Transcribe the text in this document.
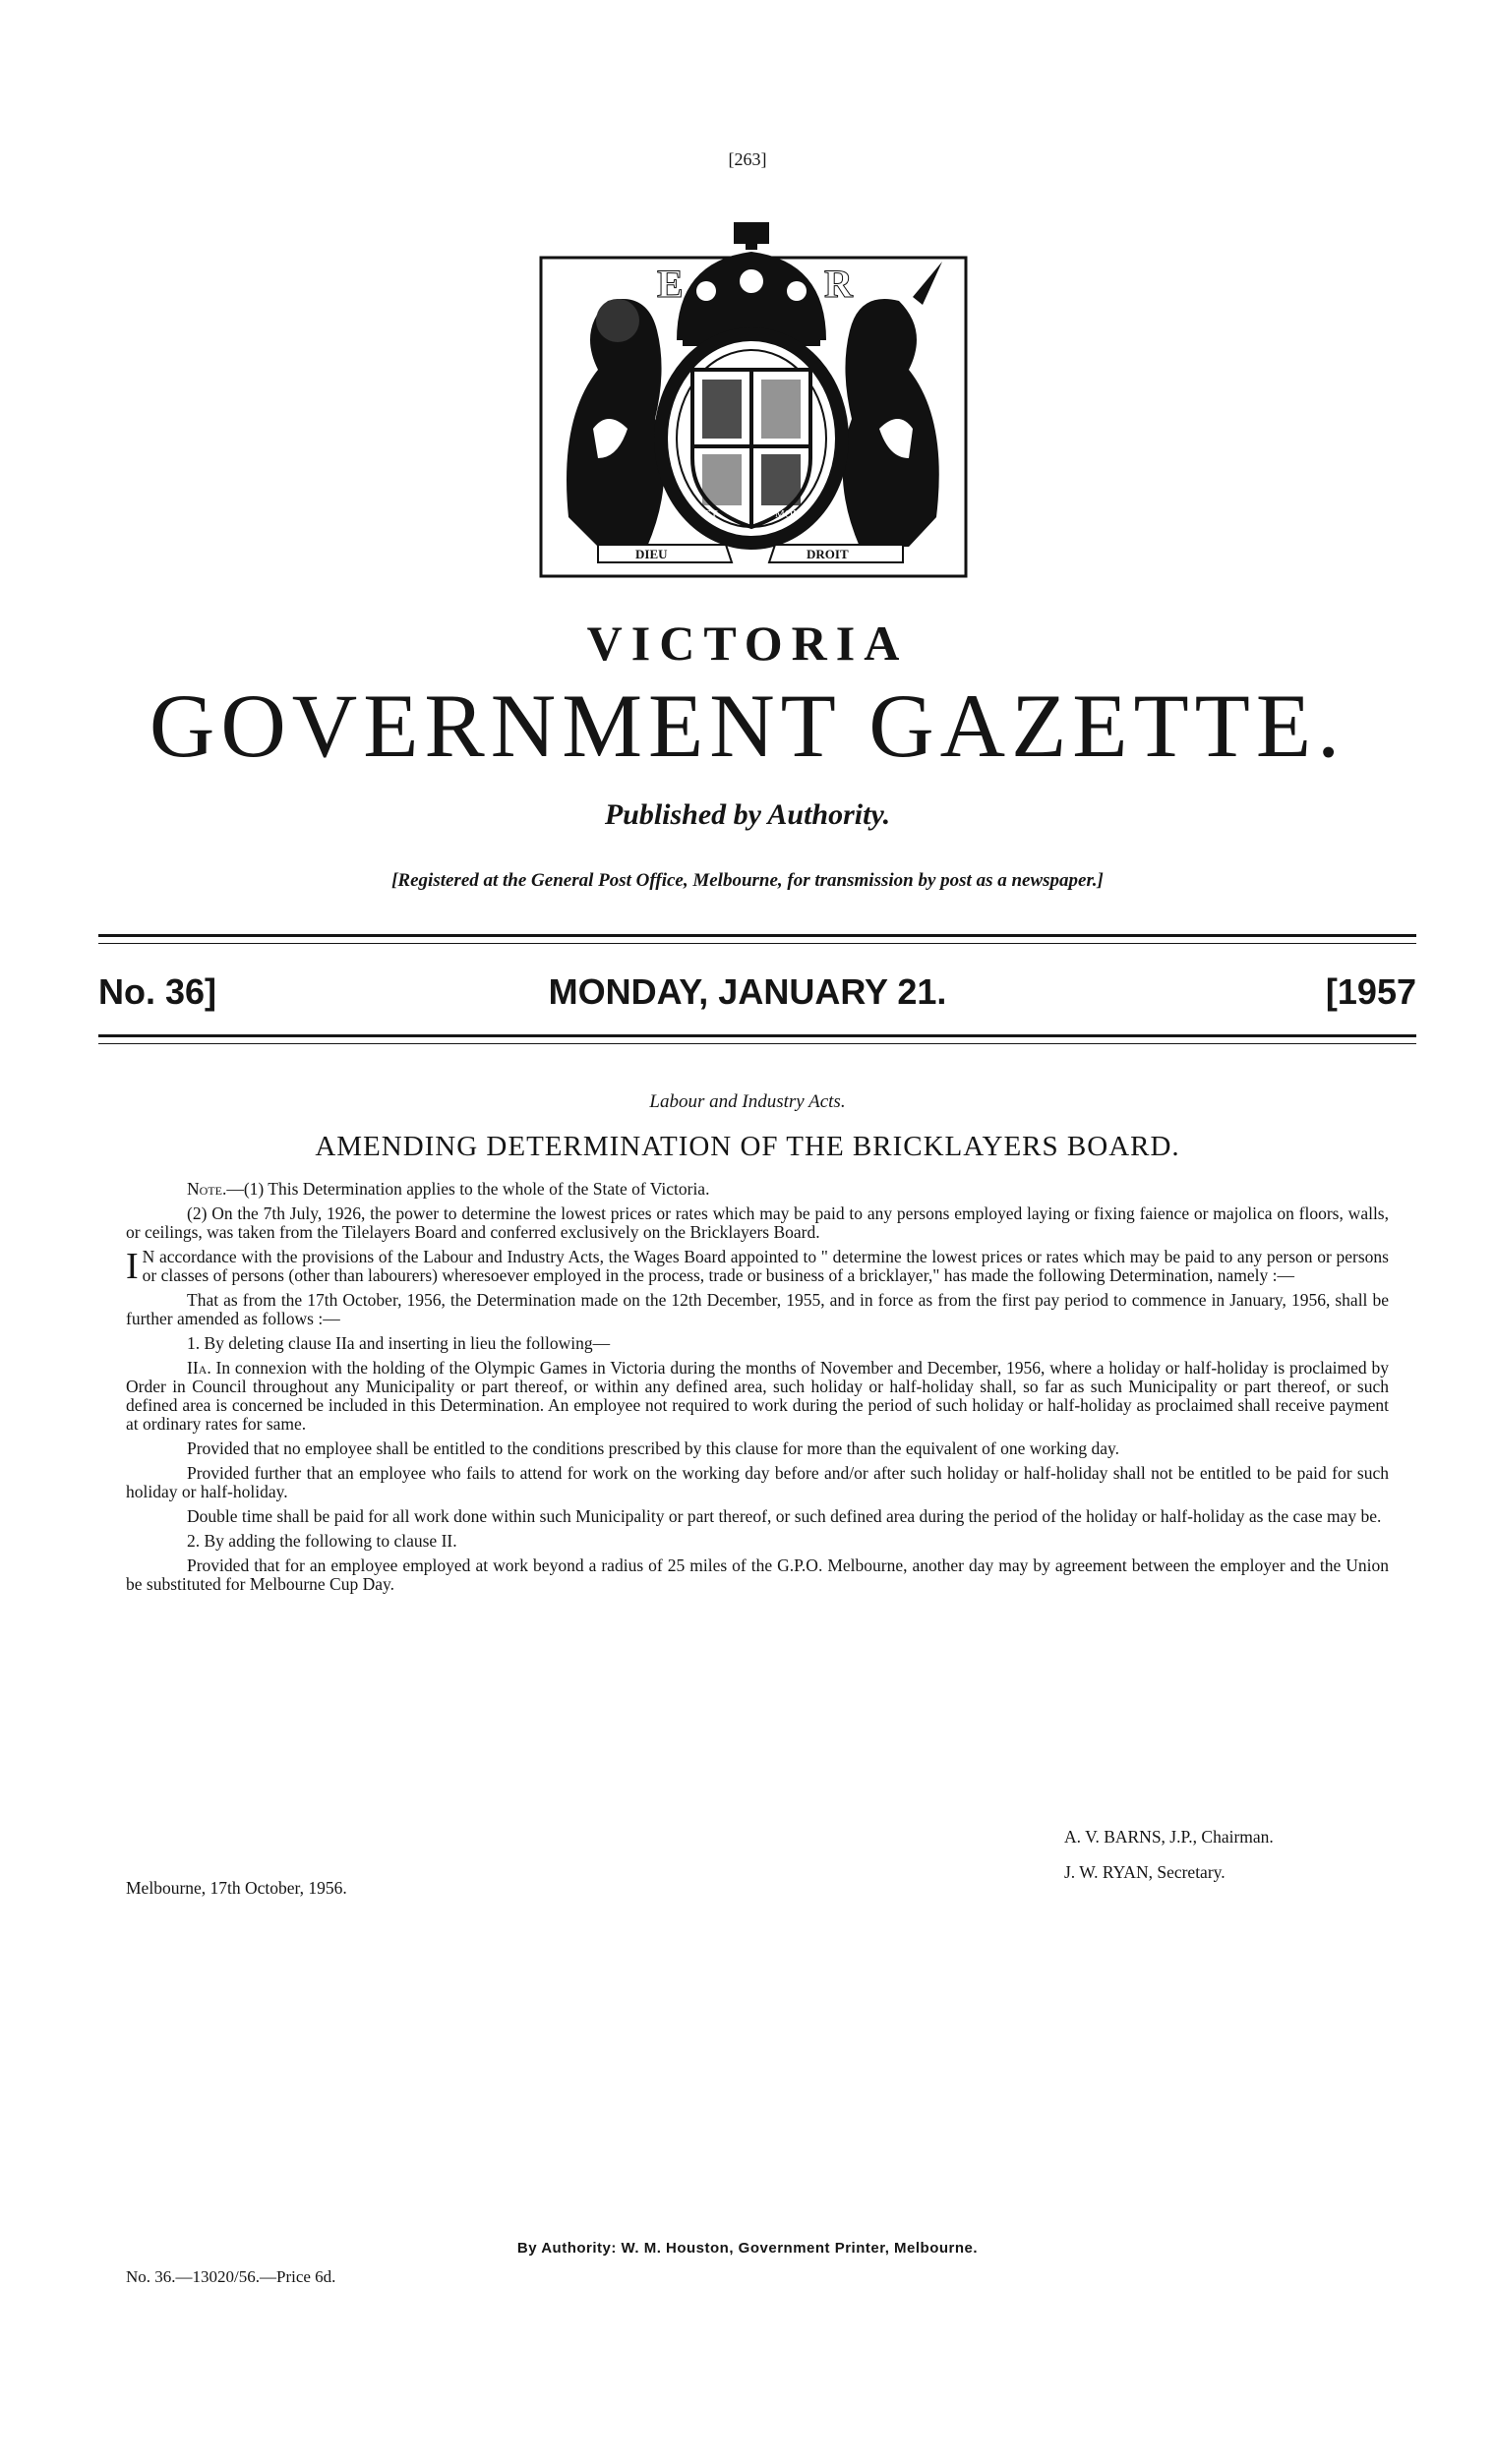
[263]
E	R
ET	MON
DIEU	DROIT
VICTORIA
GOVERNMENT GAZETTE.
Published by Authority.
[Registered at the General Post Office, Melbourne, for transmission by post as a newspaper.]
No. 36]	MONDAY, JANUARY 21.	[1957
Labour and Industry Acts.
AMENDING DETERMINATION OF THE BRICKLAYERS BOARD.

Note.—(1) This Determination applies to the whole of the State of Victoria.

(2) On the 7th July, 1926, the power to determine the lowest prices or rates which may be paid to any persons employed laying or fixing faience or majolica on floors, walls, or ceilings, was taken from the Tilelayers Board and conferred exclusively on the Bricklayers Board.

I N accordance with the provisions of the Labour and Industry Acts, the Wages Board appointed to " determine the lowest prices or rates which may be paid to any person or persons or classes of persons (other than labourers) wheresoever employed in the process, trade or business of a bricklayer," has made the following Determination, namely :—

That as from the 17th October, 1956, the Determination made on the 12th December, 1955, and in force as from the first pay period to commence in January, 1956, shall be further amended as follows :—

1. By deleting clause IIa and inserting in lieu the following—

IIa. In connexion with the holding of the Olympic Games in Victoria during the months of November and December, 1956, where a holiday or half-holiday is proclaimed by Order in Council throughout any Municipality or part thereof, or within any defined area, such holiday or half-holiday shall, so far as such Municipality or part thereof, or such defined area is concerned be included in this Determination. An employee not required to work during the period of such holiday or half-holiday as proclaimed shall receive payment at ordinary rates for same.

Provided that no employee shall be entitled to the conditions prescribed by this clause for more than the equivalent of one working day.

Provided further that an employee who fails to attend for work on the working day before and/or after such holiday or half-holiday shall not be entitled to be paid for such holiday or half-holiday.

Double time shall be paid for all work done within such Municipality or part thereof, or such defined area during the period of the holiday or half-holiday as the case may be.

2. By adding the following to clause II.

Provided that for an employee employed at work beyond a radius of 25 miles of the G.P.O. Melbourne, another day may by agreement between the employer and the Union be substituted for Melbourne Cup Day.

A. V. BARNS, J.P., Chairman.
J. W. RYAN, Secretary.
Melbourne, 17th October, 1956.
By Authority: W. M. Houston, Government Printer, Melbourne.
No. 36.—13020/56.—Price 6d.
